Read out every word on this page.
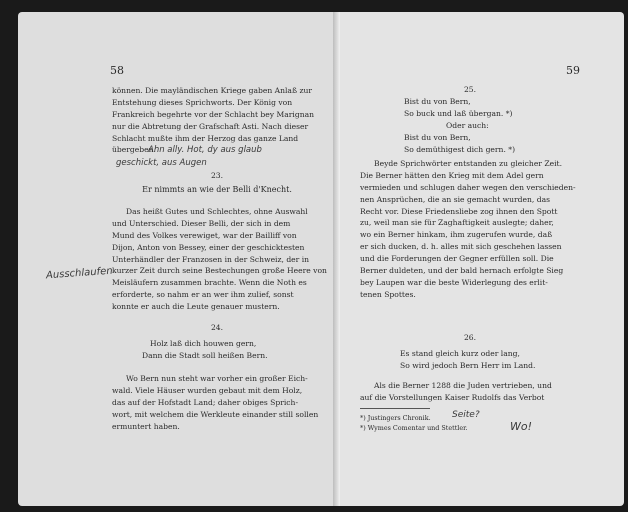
58
können. Die mayländischen Kriege gaben Anlaß zur
Entstehung dieses Sprichworts. Der König von
Frankreich begehrte vor der Schlacht bey Marignan
nur die Abtretung der Grafschaft Asti. Nach dieser
Schlacht mußte ihm der Herzog das ganze Land
übergeben.
Ahn ally. Hot, dy aus glaub
geschickt, aus Augen
23.
Er nimmts an wie der Belli d'Knecht.
Das heißt Gutes und Schlechtes, ohne Auswahl
und Unterschied. Dieser Belli, der sich in dem
Mund des Volkes verewiget, war der Bailliff von
Dijon, Anton von Bessey, einer der geschicktesten
Unterhändler der Franzosen in der Schweiz, der in
kurzer Zeit durch seine Bestechungen große Heere von
Meisläufern zusammen brachte. Wenn die Noth es
erforderte, so nahm er an wer ihm zulief, sonst
konnte er auch die Leute genauer mustern.
Ausschlaufen
24.
Holz laß dich houwen gern,
Dann die Stadt soll heißen Bern.
Wo Bern nun steht war vorher ein großer Eich-
wald. Viele Häuser wurden gebaut mit dem Holz,
das auf der Hofstadt Land; daher obiges Sprich-
wort, mit welchem die Werkleute einander still sollen
ermuntert haben.
59
25.
Bist du von Bern,
So buck und laß übergan. *)
Oder auch:
Bist du von Bern,
So demüthigest dich gern. *)
Beyde Sprichwörter entstanden zu gleicher Zeit.
Die Berner hätten den Krieg mit dem Adel gern
vermieden und schlugen daher wegen den verschieden-
nen Ansprüchen, die an sie gemacht wurden, das
Recht vor. Diese Friedensliebe zog ihnen den Spott
zu, weil man sie für Zaghaftigkeit auslegte; daher,
wo ein Berner hinkam, ihm zugerufen wurde, daß
er sich ducken, d. h. alles mit sich geschehen lassen
und die Forderungen der Gegner erfüllen soll. Die
Berner duldeten, und der bald hernach erfolgte Sieg
bey Laupen war die beste Widerlegung des erlit-
tenen Spottes.
26.
Es stand gleich kurz oder lang,
So wird jedoch Bern Herr im Land.
Als die Berner 1288 die Juden vertrieben, und
auf die Vorstellungen Kaiser Rudolfs das Verbot
*) Justingers Chronik.
*) Wymes Comentar und Stettler.
Seite?
Wo!
